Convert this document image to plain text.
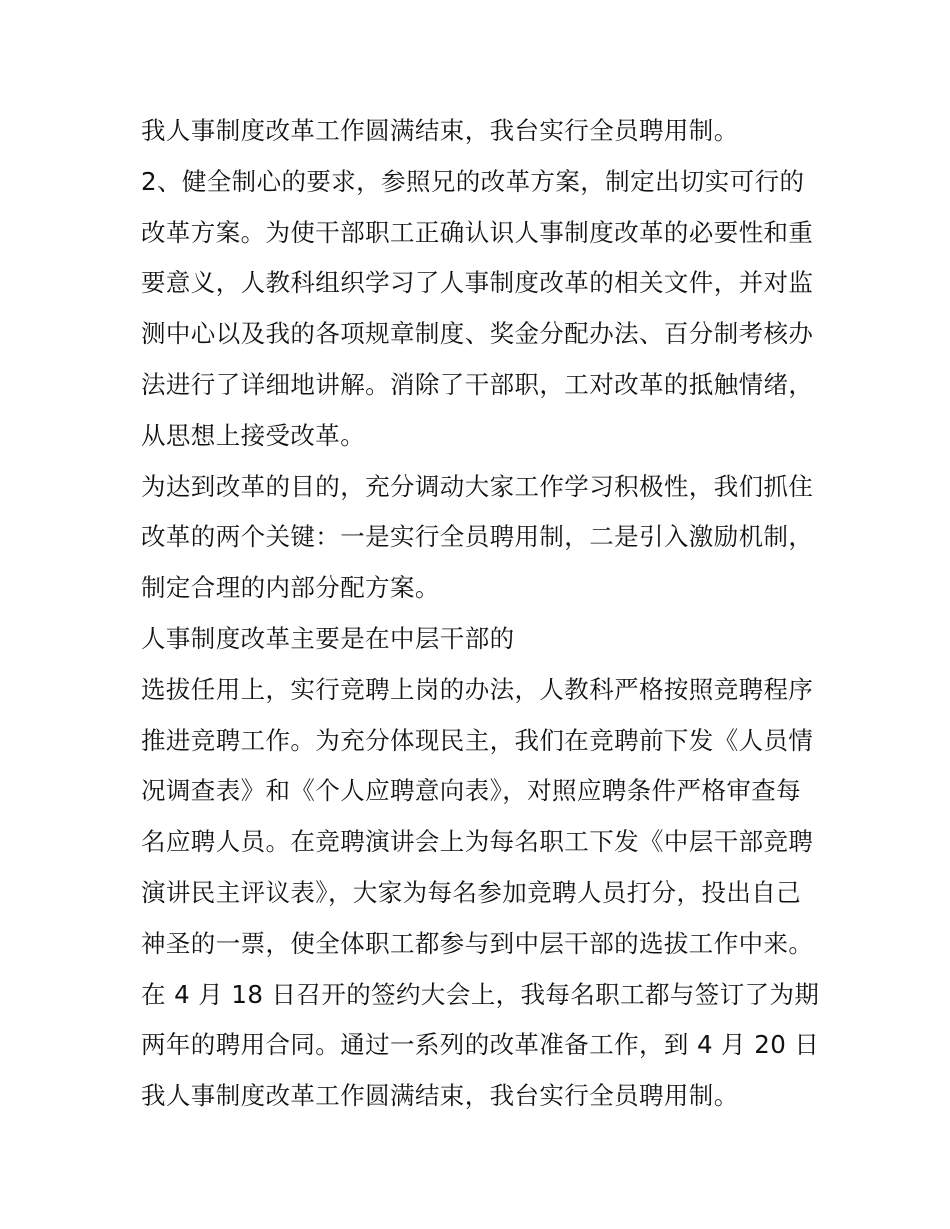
我人事制度改革工作圆满结束，我台实行全员聘用制。
2、健全制心的要求，参照兄的改革方案，制定出切实可行的
改革方案。为使干部职工正确认识人事制度改革的必要性和重
要意义，人教科组织学习了人事制度改革的相关文件，并对监
测中心以及我的各项规章制度、奖金分配办法、百分制考核办
法进行了详细地讲解。消除了干部职，工对改革的抵触情绪，
从思想上接受改革。
为达到改革的目的，充分调动大家工作学习积极性，我们抓住
改革的两个关键：一是实行全员聘用制，二是引入激励机制，
制定合理的内部分配方案。
人事制度改革主要是在中层干部的
选拔任用上，实行竞聘上岗的办法，人教科严格按照竞聘程序
推进竞聘工作。为充分体现民主，我们在竞聘前下发《人员情
况调查表》和《个人应聘意向表》，对照应聘条件严格审查每
名应聘人员。在竞聘演讲会上为每名职工下发《中层干部竞聘
演讲民主评议表》，大家为每名参加竞聘人员打分，投出自己
神圣的一票，使全体职工都参与到中层干部的选拔工作中来。
在 4 月 18 日召开的签约大会上，我每名职工都与签订了为期
两年的聘用合同。通过一系列的改革准备工作，到 4 月 20 日
我人事制度改革工作圆满结束，我台实行全员聘用制。
